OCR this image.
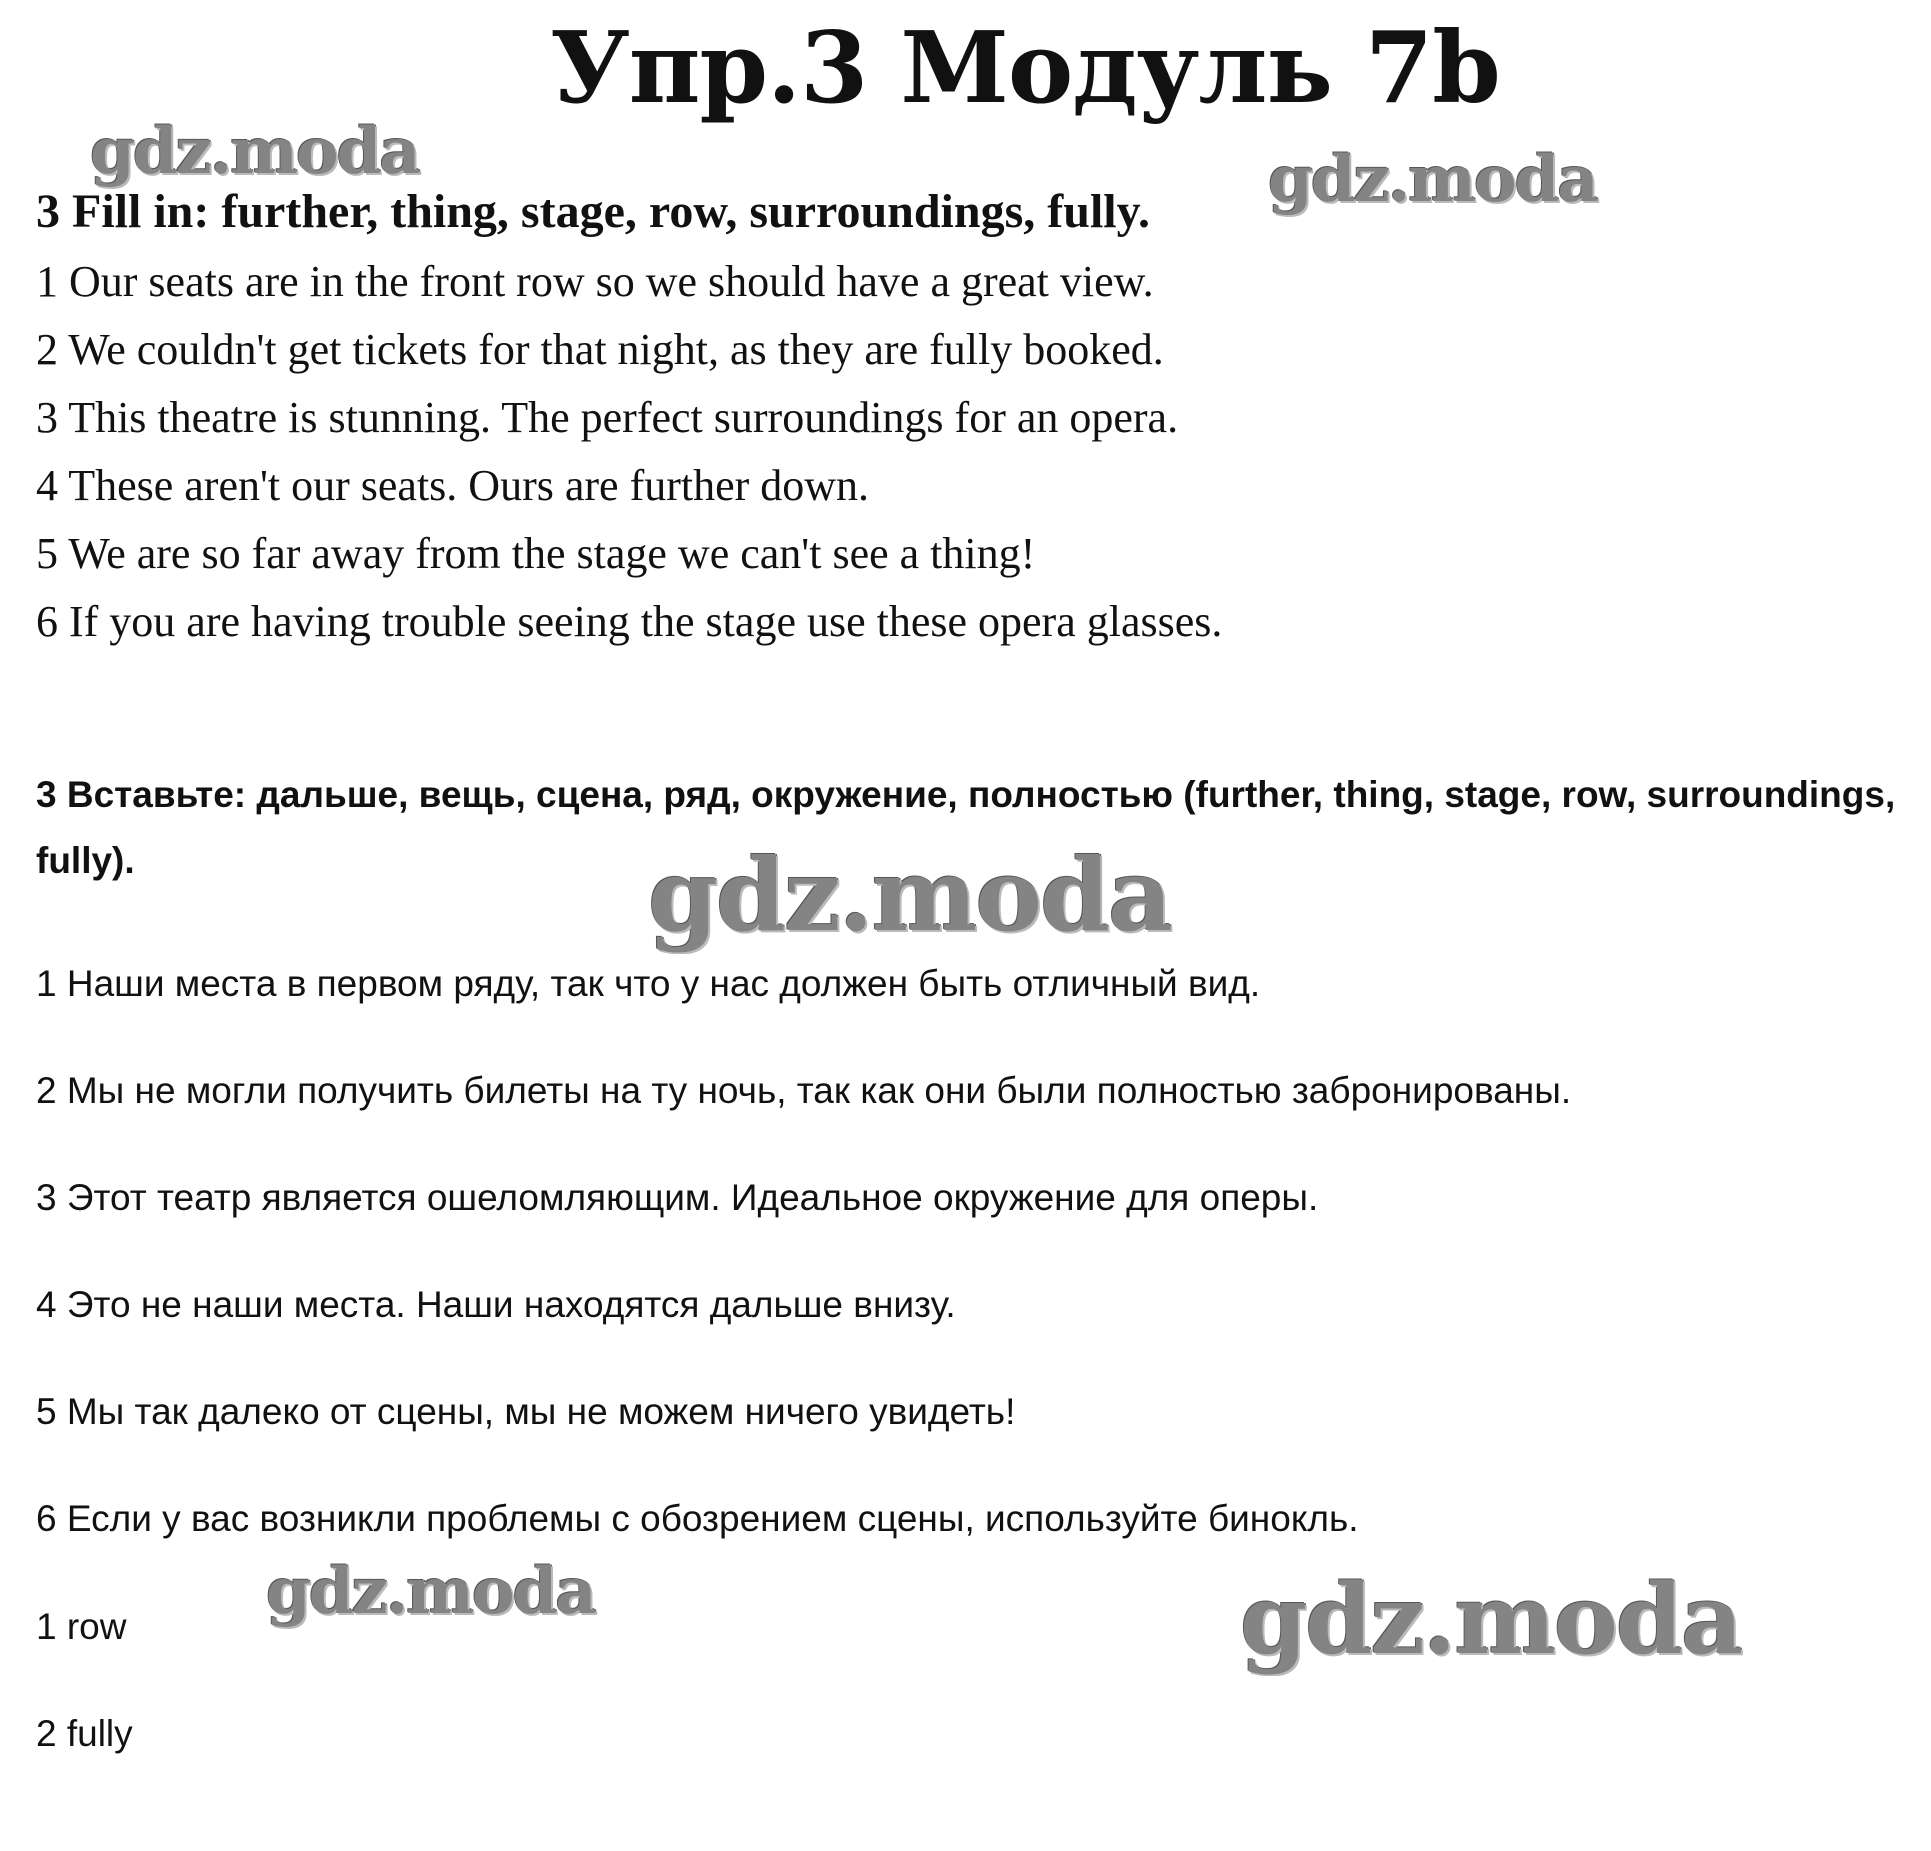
Упр.3 Модуль 7b
gdz.moda	gdz.moda

3 Fill in: further, thing, stage, row, surroundings, fully.

1 Our seats are in the front row so we should have a great view.
2 We couldn't get tickets for that night, as they are fully booked.
3 This theatre is stunning. The perfect surroundings for an opera.
4 These aren't our seats. Ours are further down.
5 We are so far away from the stage we can't see a thing!
6 If you are having trouble seeing the stage use these opera glasses.

3 Вставьте: дальше, вещь, сцена, ряд, окружение, полностью (further, thing, stage, row, surroundings, fully).	gdz.moda
1 Наши места в первом ряду, так что у нас должен быть отличный вид.
2 Мы не могли получить билеты на ту ночь, так как они были полностью забронированы.
3 Этот театр является ошеломляющим. Идеальное окружение для оперы.
4 Это не наши места. Наши находятся дальше внизу.
5 Мы так далеко от сцены, мы не можем ничего увидеть!
6 Если у вас возникли проблемы с обозрением сцены, используйте бинокль.
1 row
2 fully
gdz.moda	gdz.moda
